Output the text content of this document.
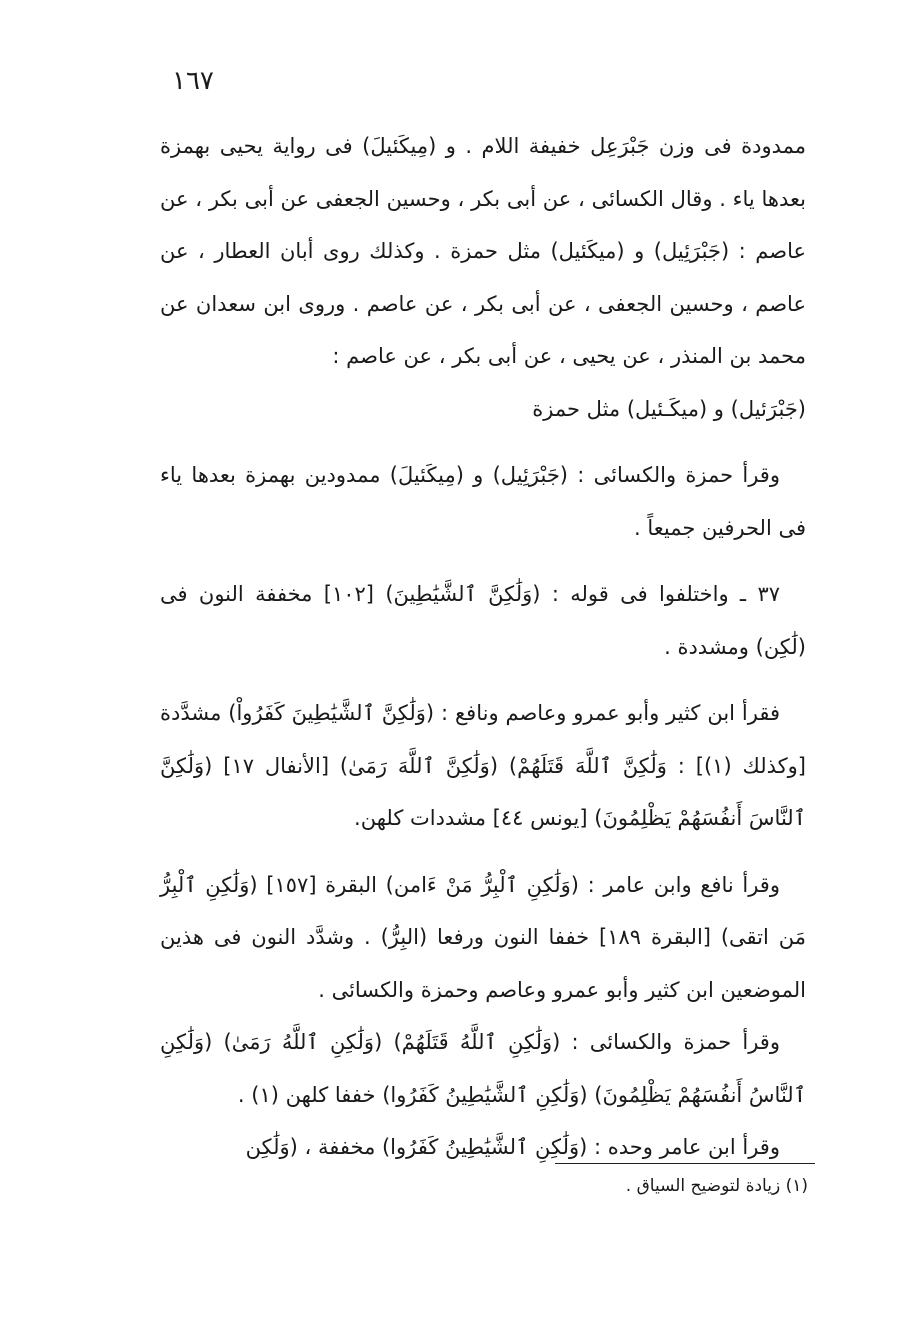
١٦٧

ممدودة فى وزن جَبْرَعِل خفيفة اللام . و (مِيكَئيلَ) فى رواية يحيى بهمزة بعدها ياء . وقال الكسائى ، عن أبى بكر ، وحسين الجعفى عن أبى بكر ، عن عاصم : (جَبْرَئِيل) و (ميكَئيل) مثل حمزة . وكذلك روى أبان العطار ، عن عاصم ، وحسين الجعفى ، عن أبى بكر ، عن عاصم . وروى ابن سعدان عن محمد بن المنذر ، عن يحيى ، عن أبى بكر ، عن عاصم :
(جَبْرَئيل) و (ميكَـئيل) مثل حمزة

وقرأ حمزة والكسائى : (جَبْرَئِيل) و (مِيكَئيلَ) ممدودين بهمزة بعدها ياء فى الحرفين جميعاً .

٣٧ ـ واختلفوا فى قوله : (وَلَٰكِنَّ ٱلشَّيَٰطِينَ) [١٠٢] مخففة النون فى (لَٰكِن) ومشددة .

فقرأ ابن كثير وأبو عمرو وعاصم ونافع : (وَلَٰكِنَّ ٱلشَّيَٰطِينَ كَفَرُواْ) مشدَّدة [وكذلك (١)] : وَلَٰكِنَّ ٱللَّهَ قَتَلَهُمْ) (وَلَٰكِنَّ ٱللَّهَ رَمَىٰ) [الأنفال ١٧] (وَلَٰكِنَّ ٱلنَّاسَ أَنفُسَهُمْ يَظْلِمُونَ) [يونس ٤٤] مشددات كلهن.

وقرأ نافع وابن عامر : (وَلَٰكِنِ ٱلْبِرُّ مَنْ ءَامن) البقرة [١٥٧] (وَلَٰكِنِ ٱلْبِرُّ مَن اتقى) [البقرة ١٨٩] خففا النون ورفعا (البِرُّ) . وشدَّد النون فى هذين الموضعين ابن كثير وأبو عمرو وعاصم وحمزة والكسائى .

وقرأ حمزة والكسائى : (وَلَٰكِنِ ٱللَّهُ قَتَلَهُمْ) (وَلَٰكِنِ ٱللَّهُ رَمَىٰ) (وَلَٰكِنِ ٱلنَّاسُ أَنفُسَهُمْ يَظْلِمُونَ) (وَلَٰكِنِ ٱلشَّيَٰطِينُ كَفَرُوا) خففا كلهن (١) .

وقرأ ابن عامر وحده : (وَلَٰكِنِ ٱلشَّيَٰطِينُ كَفَرُوا) مخففة ، (وَلَٰكِن

(١) زيادة لتوضيح السياق .
